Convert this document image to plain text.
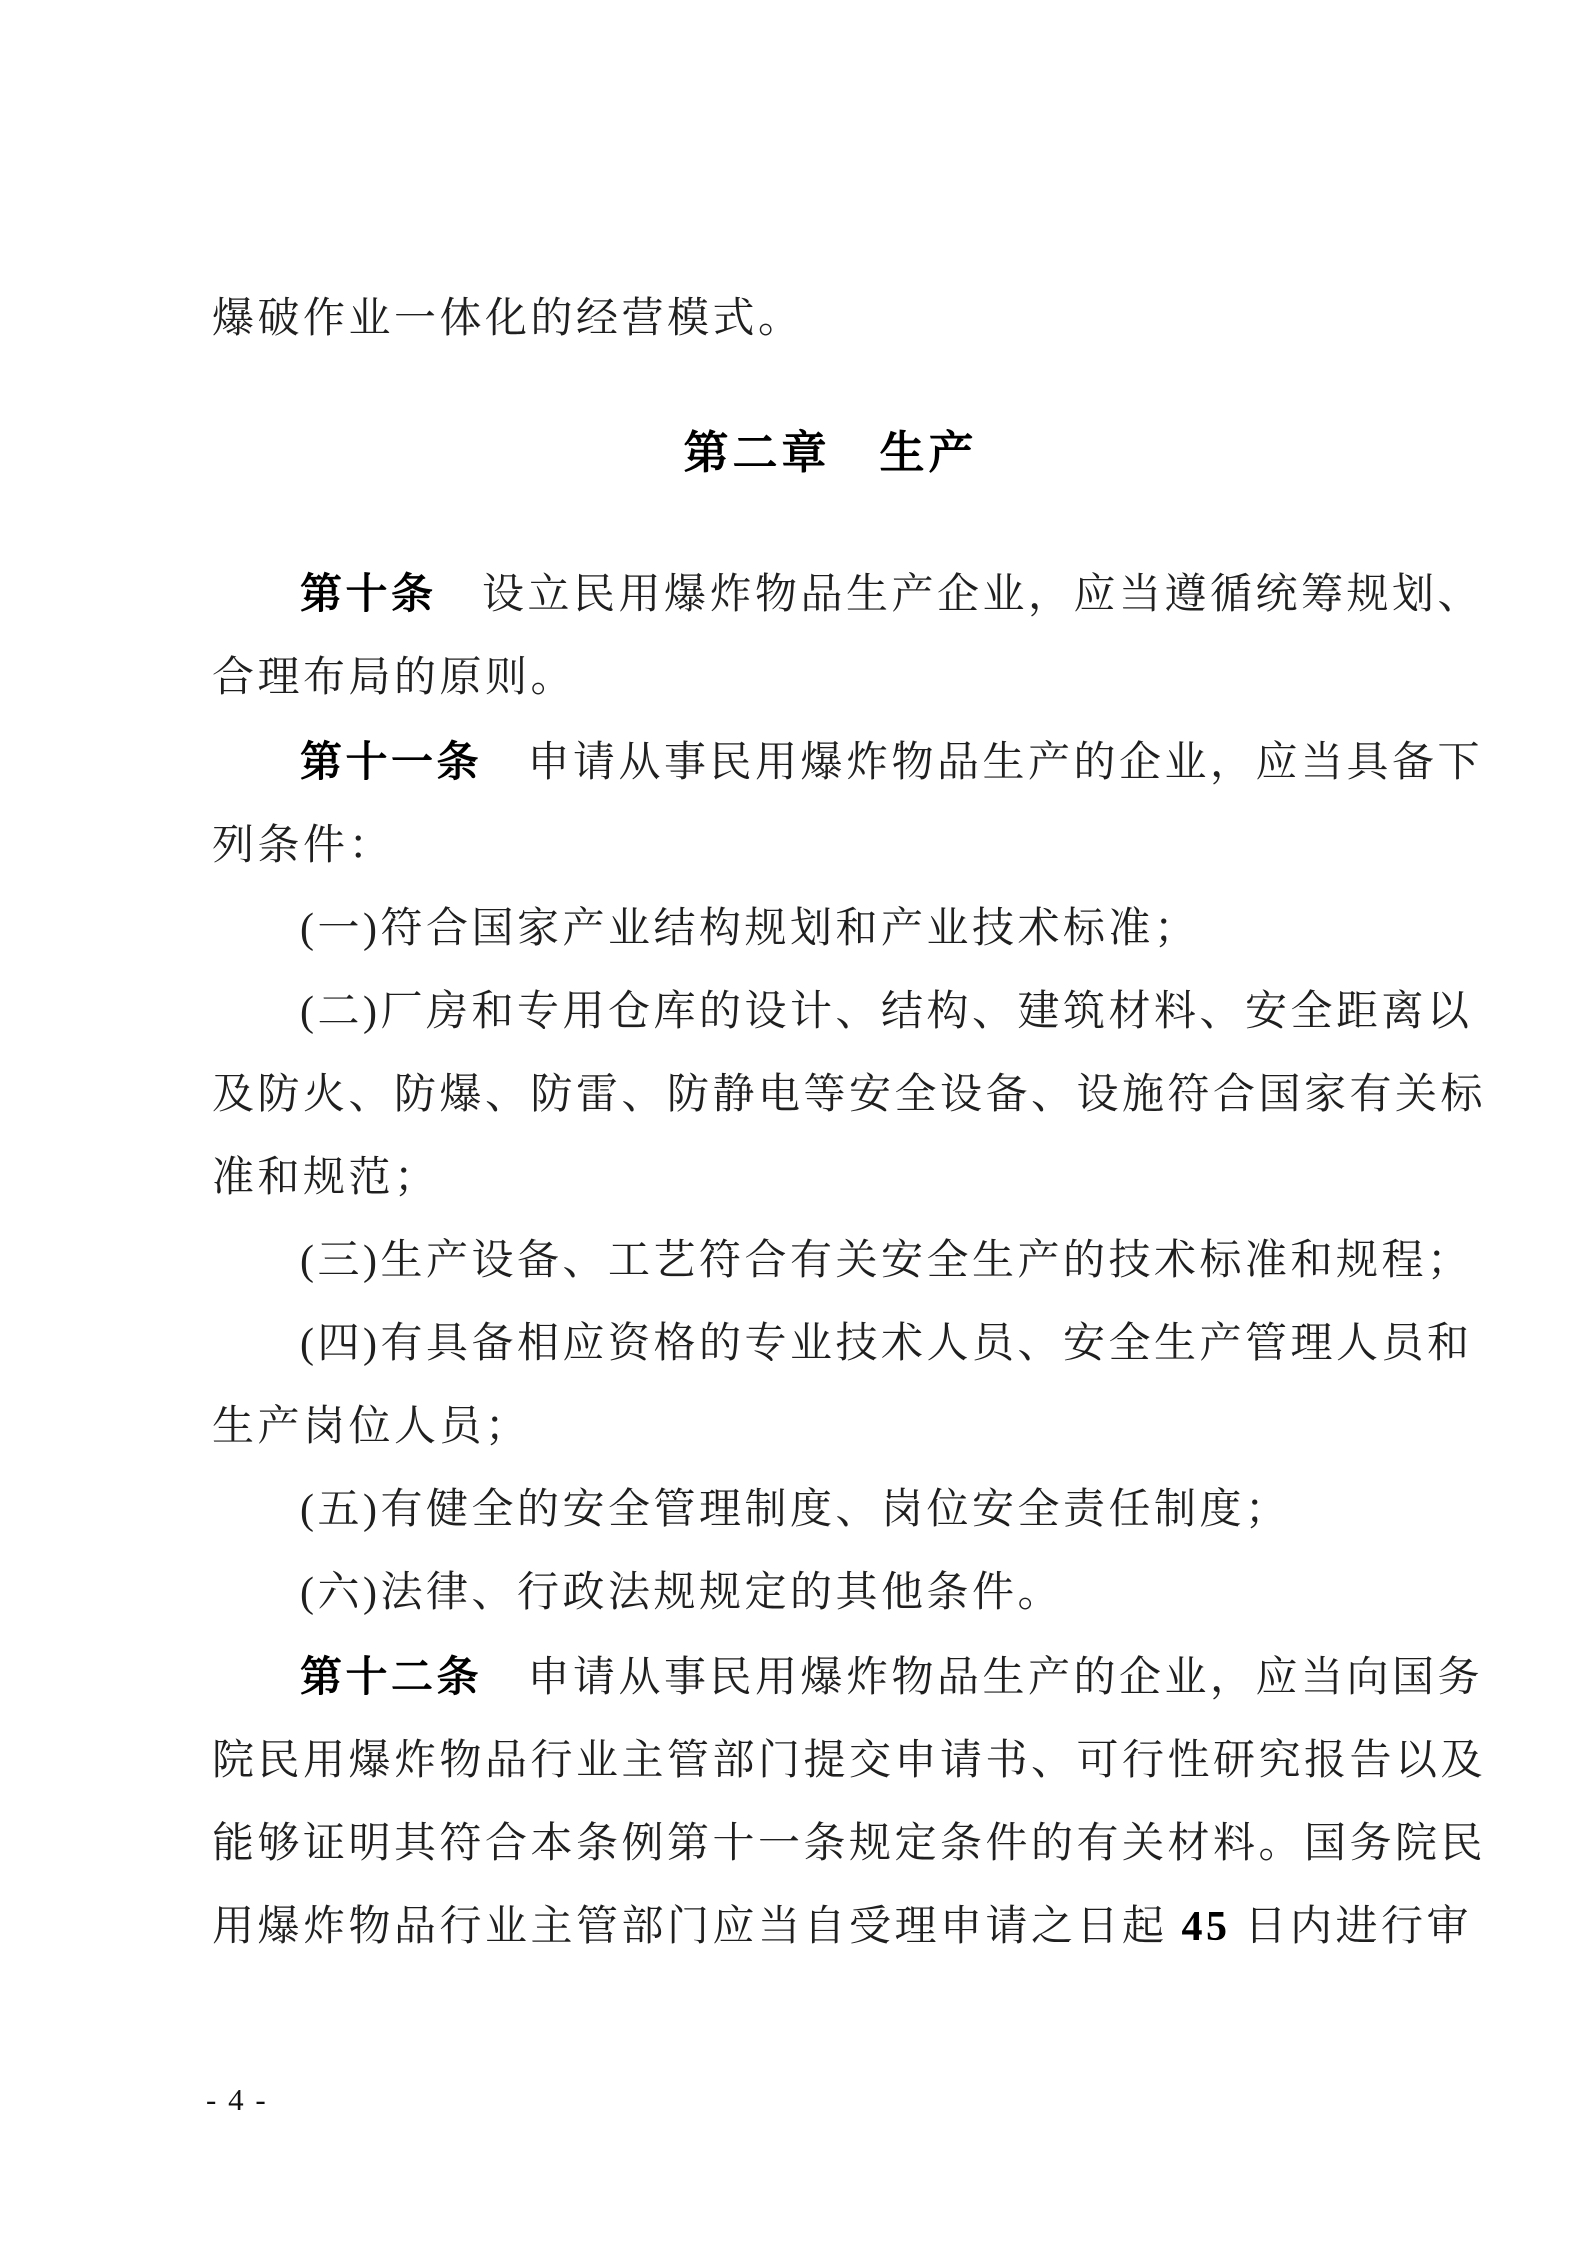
爆破作业一体化的经营模式。

第二章　生产

第十条　设立民用爆炸物品生产企业，应当遵循统筹规划、

合理布局的原则。

第十一条　申请从事民用爆炸物品生产的企业，应当具备下

列条件：

(一)符合国家产业结构规划和产业技术标准；

(二)厂房和专用仓库的设计、结构、建筑材料、安全距离以

及防火、防爆、防雷、防静电等安全设备、设施符合国家有关标

准和规范；

(三)生产设备、工艺符合有关安全生产的技术标准和规程；

(四)有具备相应资格的专业技术人员、安全生产管理人员和

生产岗位人员；

(五)有健全的安全管理制度、岗位安全责任制度；

(六)法律、行政法规规定的其他条件。

第十二条　申请从事民用爆炸物品生产的企业，应当向国务

院民用爆炸物品行业主管部门提交申请书、可行性研究报告以及

能够证明其符合本条例第十一条规定条件的有关材料。国务院民

用爆炸物品行业主管部门应当自受理申请之日起 45 日内进行审

- 4 -
